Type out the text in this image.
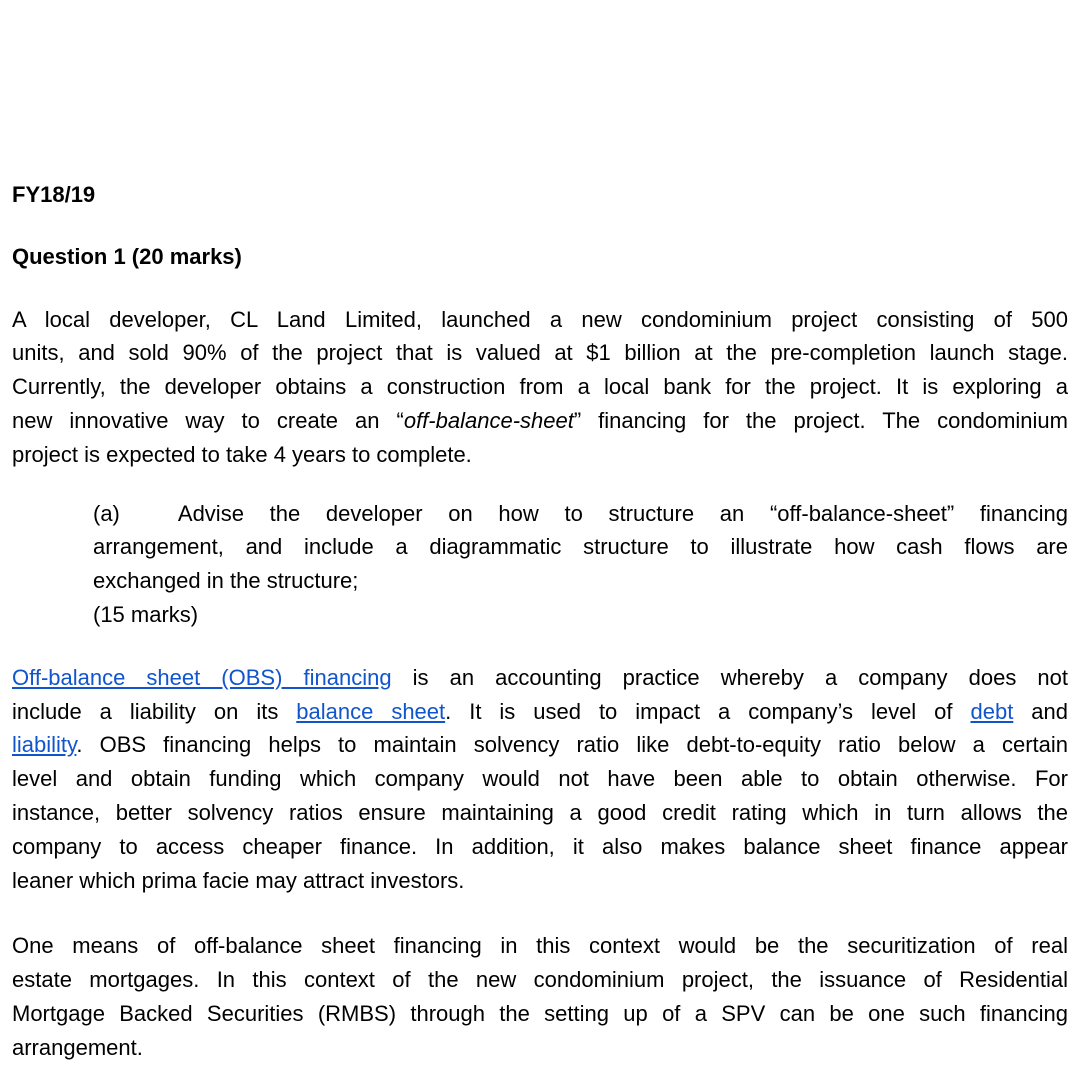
FY18/19
Question 1 (20 marks)
A local developer, CL Land Limited, launched a new condominium project consisting of 500
units, and sold 90% of the project that is valued at $1 billion at the pre-completion launch stage.
Currently, the developer obtains a construction from a local bank for the project. It is exploring a
new innovative way to create an “off-balance-sheet” financing for the project. The condominium
project is expected to take 4 years to complete.
(a)	Advise the developer on how to structure an “off-balance-sheet” financing
arrangement, and include a diagrammatic structure to illustrate how cash flows are
exchanged in the structure;
(15 marks)
Off-balance sheet (OBS) financing is an accounting practice whereby a company does not
include a liability on its balance sheet. It is used to impact a company’s level of debt and
liability. OBS financing helps to maintain solvency ratio like debt-to-equity ratio below a certain
level and obtain funding which company would not have been able to obtain otherwise. For
instance, better solvency ratios ensure maintaining a good credit rating which in turn allows the
company to access cheaper finance. In addition, it also makes balance sheet finance appear
leaner which prima facie may attract investors.
One means of off-balance sheet financing in this context would be the securitization of real
estate mortgages. In this context of the new condominium project, the issuance of Residential
Mortgage Backed Securities (RMBS) through the setting up of a SPV can be one such financing
arrangement.
